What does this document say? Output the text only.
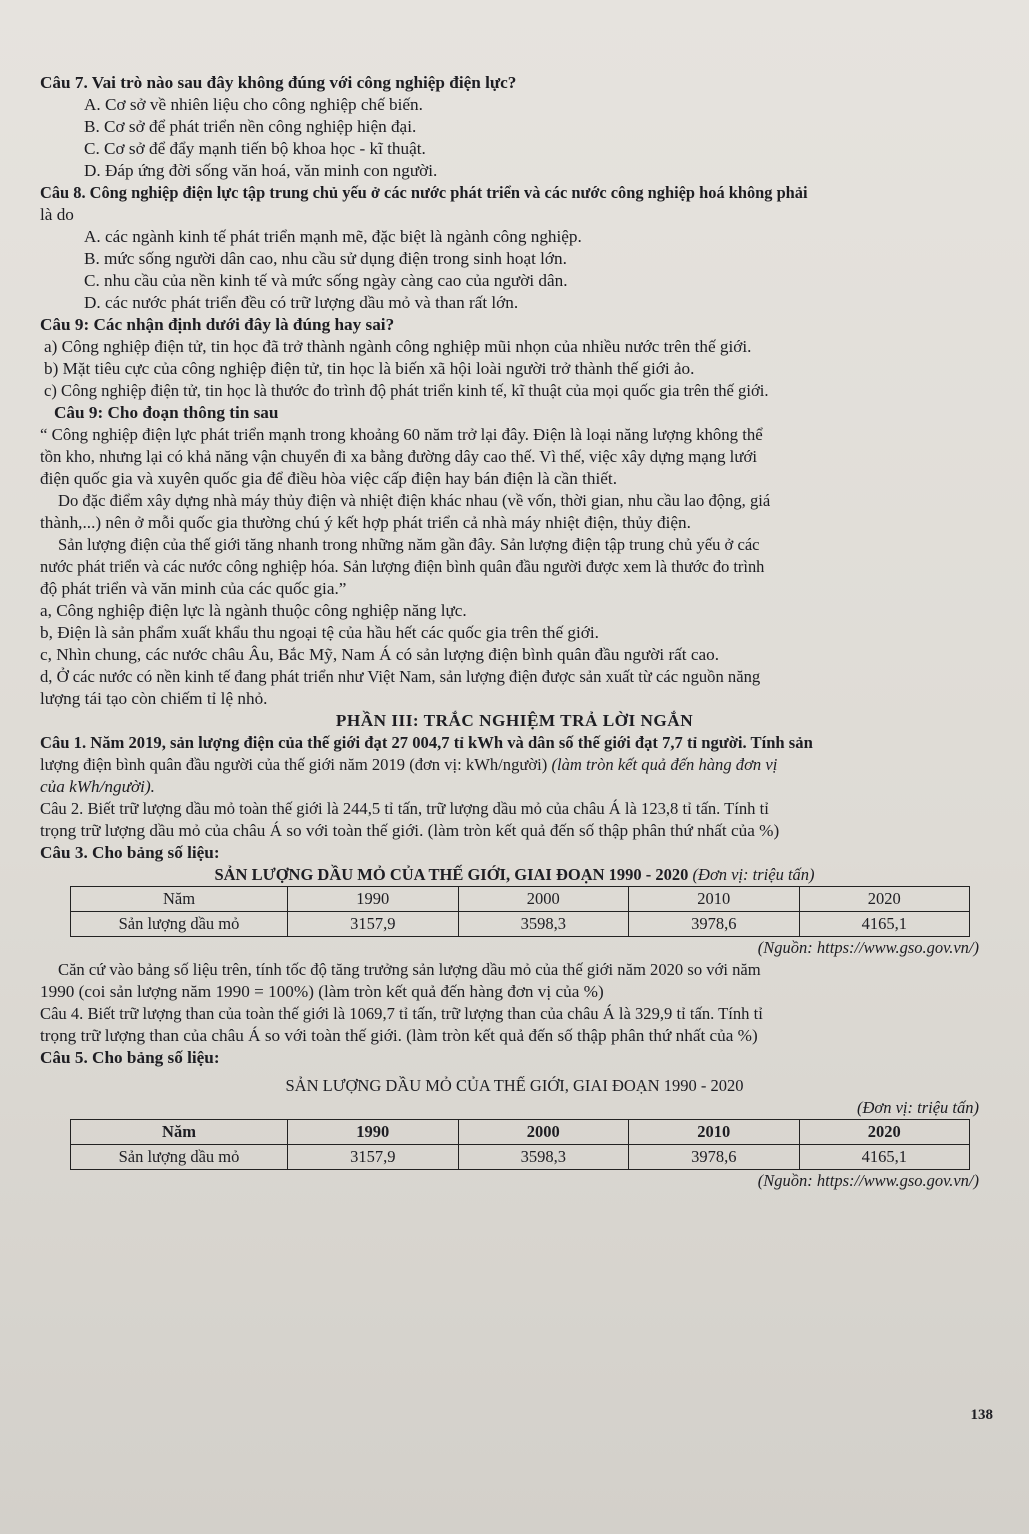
Câu 7. Vai trò nào sau đây không đúng với công nghiệp điện lực?

A. Cơ sở về nhiên liệu cho công nghiệp chế biến.

B. Cơ sở để phát triển nền công nghiệp hiện đại.

C. Cơ sở để đẩy mạnh tiến bộ khoa học - kĩ thuật.

D. Đáp ứng đời sống văn hoá, văn minh con người.

Câu 8. Công nghiệp điện lực tập trung chủ yếu ở các nước phát triển và các nước công nghiệp hoá không phải

là do

A. các ngành kinh tế phát triển mạnh mẽ, đặc biệt là ngành công nghiệp.

B. mức sống người dân cao, nhu cầu sử dụng điện trong sinh hoạt lớn.

C. nhu cầu của nền kinh tế và mức sống ngày càng cao của người dân.

D. các nước phát triển đều có trữ lượng dầu mỏ và than rất lớn.

Câu 9: Các nhận định dưới đây là đúng hay sai?

a) Công nghiệp điện tử, tin học đã trở thành ngành công nghiệp mũi nhọn của nhiều nước trên thế giới.

b) Mặt tiêu cực của công nghiệp điện tử, tin học là biến xã hội loài người trở thành thế giới ảo.

c) Công nghiệp điện tử, tin học là thước đo trình độ phát triển kinh tế, kĩ thuật của mọi quốc gia trên thế giới.

Câu 9: Cho đoạn thông tin sau

“ Công nghiệp điện lực phát triển mạnh trong khoảng 60 năm trở lại đây. Điện là loại năng lượng không thể

tồn kho, nhưng lại có khả năng vận chuyển đi xa bằng đường dây cao thế. Vì thế, việc xây dựng mạng lưới

điện quốc gia và xuyên quốc gia để điều hòa việc cấp điện hay bán điện là cần thiết.

Do đặc điểm xây dựng nhà máy thủy điện và nhiệt điện khác nhau (về vốn, thời gian, nhu cầu lao động, giá

thành,...) nên ở mỗi quốc gia thường chú ý kết hợp phát triển cả nhà máy nhiệt điện, thủy điện.

Sản lượng điện của thế giới tăng nhanh trong những năm gần đây. Sản lượng điện tập trung chủ yếu ở các

nước phát triển và các nước công nghiệp hóa. Sản lượng điện bình quân đầu người được xem là thước đo trình

độ phát triển và văn minh của các quốc gia.”

a, Công nghiệp điện lực là ngành thuộc công nghiệp năng lực.

b, Điện là sản phẩm xuất khẩu thu ngoại tệ của hầu hết các quốc gia trên thế giới.

c, Nhìn chung, các nước châu Âu, Bắc Mỹ, Nam Á có sản lượng điện bình quân đầu người rất cao.

d, Ở các nước có nền kinh tế đang phát triển như Việt Nam, sản lượng điện được sản xuất từ các nguồn năng

lượng tái tạo còn chiếm tỉ lệ nhỏ.

PHẦN III: TRẮC NGHIỆM TRẢ LỜI NGẮN

Câu 1. Năm 2019, sản lượng điện của thế giới đạt 27 004,7 tỉ kWh và dân số thế giới đạt 7,7 tỉ người. Tính sản

lượng điện bình quân đầu người của thế giới năm 2019 (đơn vị: kWh/người) (làm tròn kết quả đến hàng đơn vị

của kWh/người).

Câu 2. Biết trữ lượng dầu mỏ toàn thế giới là 244,5 tỉ tấn, trữ lượng dầu mỏ của châu Á là 123,8 tỉ tấn. Tính tỉ

trọng trữ lượng dầu mỏ của châu Á so với toàn thế giới. (làm tròn kết quả đến số thập phân thứ nhất của %)

Câu 3. Cho bảng số liệu:

SẢN LƯỢNG DẦU MỎ CỦA THẾ GIỚI, GIAI ĐOẠN 1990 - 2020 (Đơn vị: triệu tấn)

Năm	1990	2000	2010	2020
Sản lượng dầu mỏ	3157,9	3598,3	3978,6	4165,1

(Nguồn: https://www.gso.gov.vn/)

Căn cứ vào bảng số liệu trên, tính tốc độ tăng trưởng sản lượng dầu mỏ của thế giới năm 2020 so với năm

1990 (coi sản lượng năm 1990 = 100%) (làm tròn kết quả đến hàng đơn vị của %)

Câu 4. Biết trữ lượng than của toàn thế giới là 1069,7 tỉ tấn, trữ lượng than của châu Á là 329,9 tỉ tấn. Tính tỉ

trọng trữ lượng than của châu Á so với toàn thế giới. (làm tròn kết quả đến số thập phân thứ nhất của %)

Câu 5. Cho bảng số liệu:

SẢN LƯỢNG DẦU MỎ CỦA THẾ GIỚI, GIAI ĐOẠN 1990 - 2020

(Đơn vị: triệu tấn)

Năm	1990	2000	2010	2020
Sản lượng dầu mỏ	3157,9	3598,3	3978,6	4165,1

(Nguồn: https://www.gso.gov.vn/)

138
